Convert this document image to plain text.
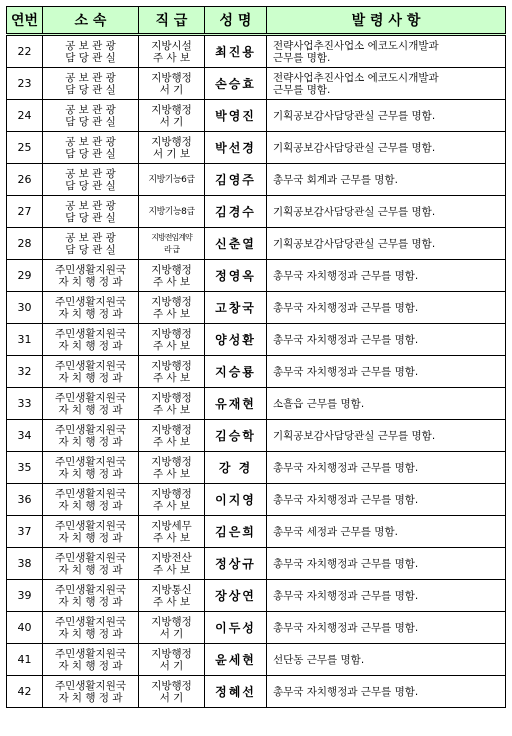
연번	소 속	직 급	성 명	발 령 사 항
22	공 보 관 광
담 당 관 실	지방시설
주 사 보	최진용	전략사업추진사업소 에코도시개발과
근무를 명함.

23	공 보 관 광
담 당 관 실	지방행정
서 기	손승효	전략사업추진사업소 에코도시개발과
근무를 명함.

24	공 보 관 광
담 당 관 실	지방행정
서 기	박영진	기획공보감사담당관실 근무를 명함.

25	공 보 관 광
담 당 관 실	지방행정
서 기 보	박선경	기획공보감사담당관실 근무를 명함.

26	공 보 관 광
담 당 관 실	지방기능6급	김영주	총무국 회계과 근무를 명함.

27	공 보 관 광
담 당 관 실	지방기능8급	김경수	기획공보감사담당관실 근무를 명함.

28	공 보 관 광
담 당 관 실	지방전임계약
라 급	신춘열	기획공보감사담당관실 근무를 명함.

29	주민생활지원국
자 치 행 정 과	지방행정
주 사 보	정영옥	총무국 자치행정과 근무를 명함.

30	주민생활지원국
자 치 행 정 과	지방행정
주 사 보	고창국	총무국 자치행정과 근무를 명함.

31	주민생활지원국
자 치 행 정 과	지방행정
주 사 보	양성환	총무국 자치행정과 근무를 명함.

32	주민생활지원국
자 치 행 정 과	지방행정
주 사 보	지승룡	총무국 자치행정과 근무를 명함.

33	주민생활지원국
자 치 행 정 과	지방행정
주 사 보	유재현	소흘읍 근무를 명함.

34	주민생활지원국
자 치 행 정 과	지방행정
주 사 보	김승학	기획공보감사담당관실 근무를 명함.

35	주민생활지원국
자 치 행 정 과	지방행정
주 사 보	강 경	총무국 자치행정과 근무를 명함.

36	주민생활지원국
자 치 행 정 과	지방행정
주 사 보	이지영	총무국 자치행정과 근무를 명함.

37	주민생활지원국
자 치 행 정 과	지방세무
주 사 보	김은희	총무국 세정과 근무를 명함.

38	주민생활지원국
자 치 행 정 과	지방전산
주 사 보	정상규	총무국 자치행정과 근무를 명함.

39	주민생활지원국
자 치 행 정 과	지방통신
주 사 보	장상연	총무국 자치행정과 근무를 명함.

40	주민생활지원국
자 치 행 정 과	지방행정
서 기	이두성	총무국 자치행정과 근무를 명함.

41	주민생활지원국
자 치 행 정 과	지방행정
서 기	윤세현	선단동 근무를 명함.

42	주민생활지원국
자 치 행 정 과	지방행정
서 기	정혜선	총무국 자치행정과 근무를 명함.
